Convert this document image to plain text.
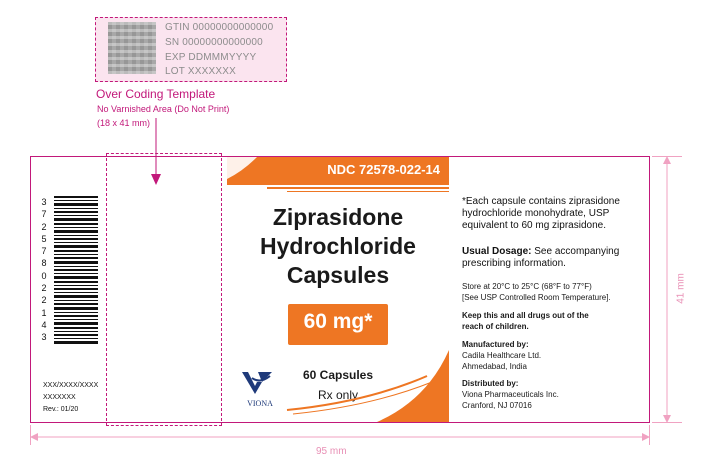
GTIN 00000000000000
SN 00000000000000
EXP DDMMMYYYY
LOT XXXXXXX
Over Coding Template
No Varnished Area (Do Not Print)
(18 x 41 mm)
3
7
2
5
7
8
0
2
2
1
4
3
XXX/XXXX/XXXX
XXXXXXX
Rev.: 01/20
NDC 72578-022-14
Ziprasidone
Hydrochloride
Capsules
60 mg*
VIONA
60 Capsules
Rx only
*Each capsule contains ziprasidone hydrochloride monohydrate, USP equivalent to 60 mg ziprasidone.
Usual Dosage: See accompanying prescribing information.
Store at 20°C to 25°C (68°F to 77°F)
[See USP Controlled Room Temperature].
Keep this and all drugs out of the
reach of children.
Manufactured by:
Cadila Healthcare Ltd.
Ahmedabad, India
Distributed by:
Viona Pharmaceuticals Inc.
Cranford, NJ 07016
95 mm
41 mm
